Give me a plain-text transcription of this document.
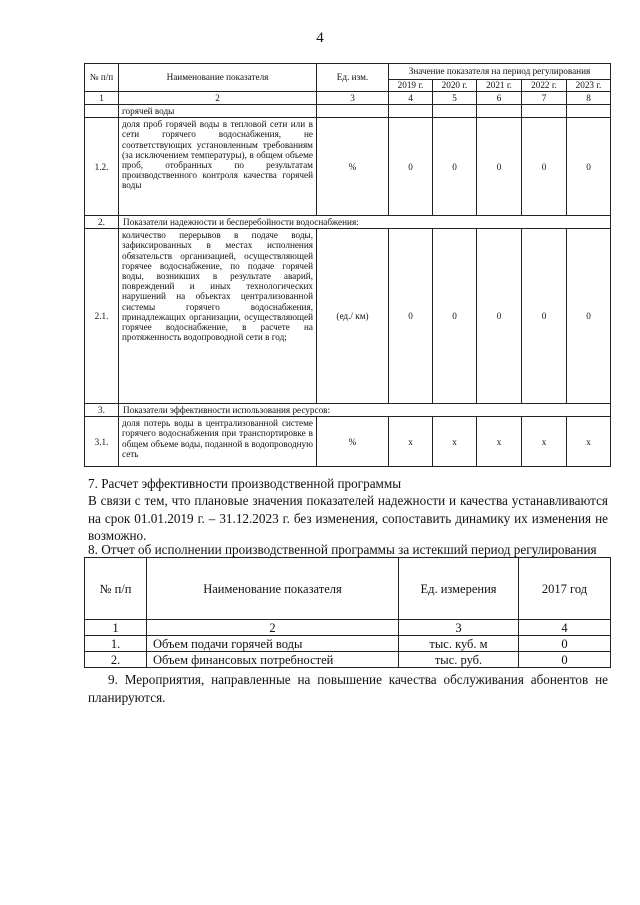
4
№ п/п	Наименование показателя	Ед. изм.	Значение показателя на период регулирования				
			2019 г.	2020 г.	2021 г.	2022 г.	2023 г.
1	2	3	4	5	6	7	8
	горячей воды						
1.2.	доля проб горячей воды в тепловой сети или в сети горячего водоснабжения, не соответствующих установленным требованиям (за исключением температуры), в общем объеме проб, отобранных по результатам производственного контроля качества горячей воды	%	0	0	0	0	0
2.	Показатели надежности и бесперебойности водоснабжения:						
2.1.	количество перерывов в подаче воды, зафиксированных в местах исполнения обязательств организацией, осуществляющей горячее водоснабжение, по подаче горячей воды, возникших в результате аварий, повреждений и иных технологических нарушений на объектах централизованной системы горячего водоснабжения, принадлежащих организации, осуществляющей горячее водоснабжение, в расчете на протяженность водопроводной сети в год;	(ед./ км)	0	0	0	0	0
3.	Показатели эффективности использования ресурсов:						
3.1.	доля потерь воды в централизованной системе горячего водоснабжения при транспортировке в общем объеме воды, поданной в водопроводную сеть	%	x	x	x	x	x
7. Расчет эффективности производственной программы
В связи с тем, что плановые значения показателей надежности и качества устанавливаются на срок 01.01.2019 г. – 31.12.2023 г. без изменения, сопоставить динамику их изменения не возможно.
8. Отчет об исполнении производственной программы за истекший период регулирования
№ п/п	Наименование показателя	Ед. измерения	2017 год
1	2	3	4
1.	Объем подачи горячей воды	тыс. куб. м	0
2.	Объем финансовых потребностей	тыс. руб.	0
9. Мероприятия, направленные на повышение качества обслуживания абонентов не планируются.
